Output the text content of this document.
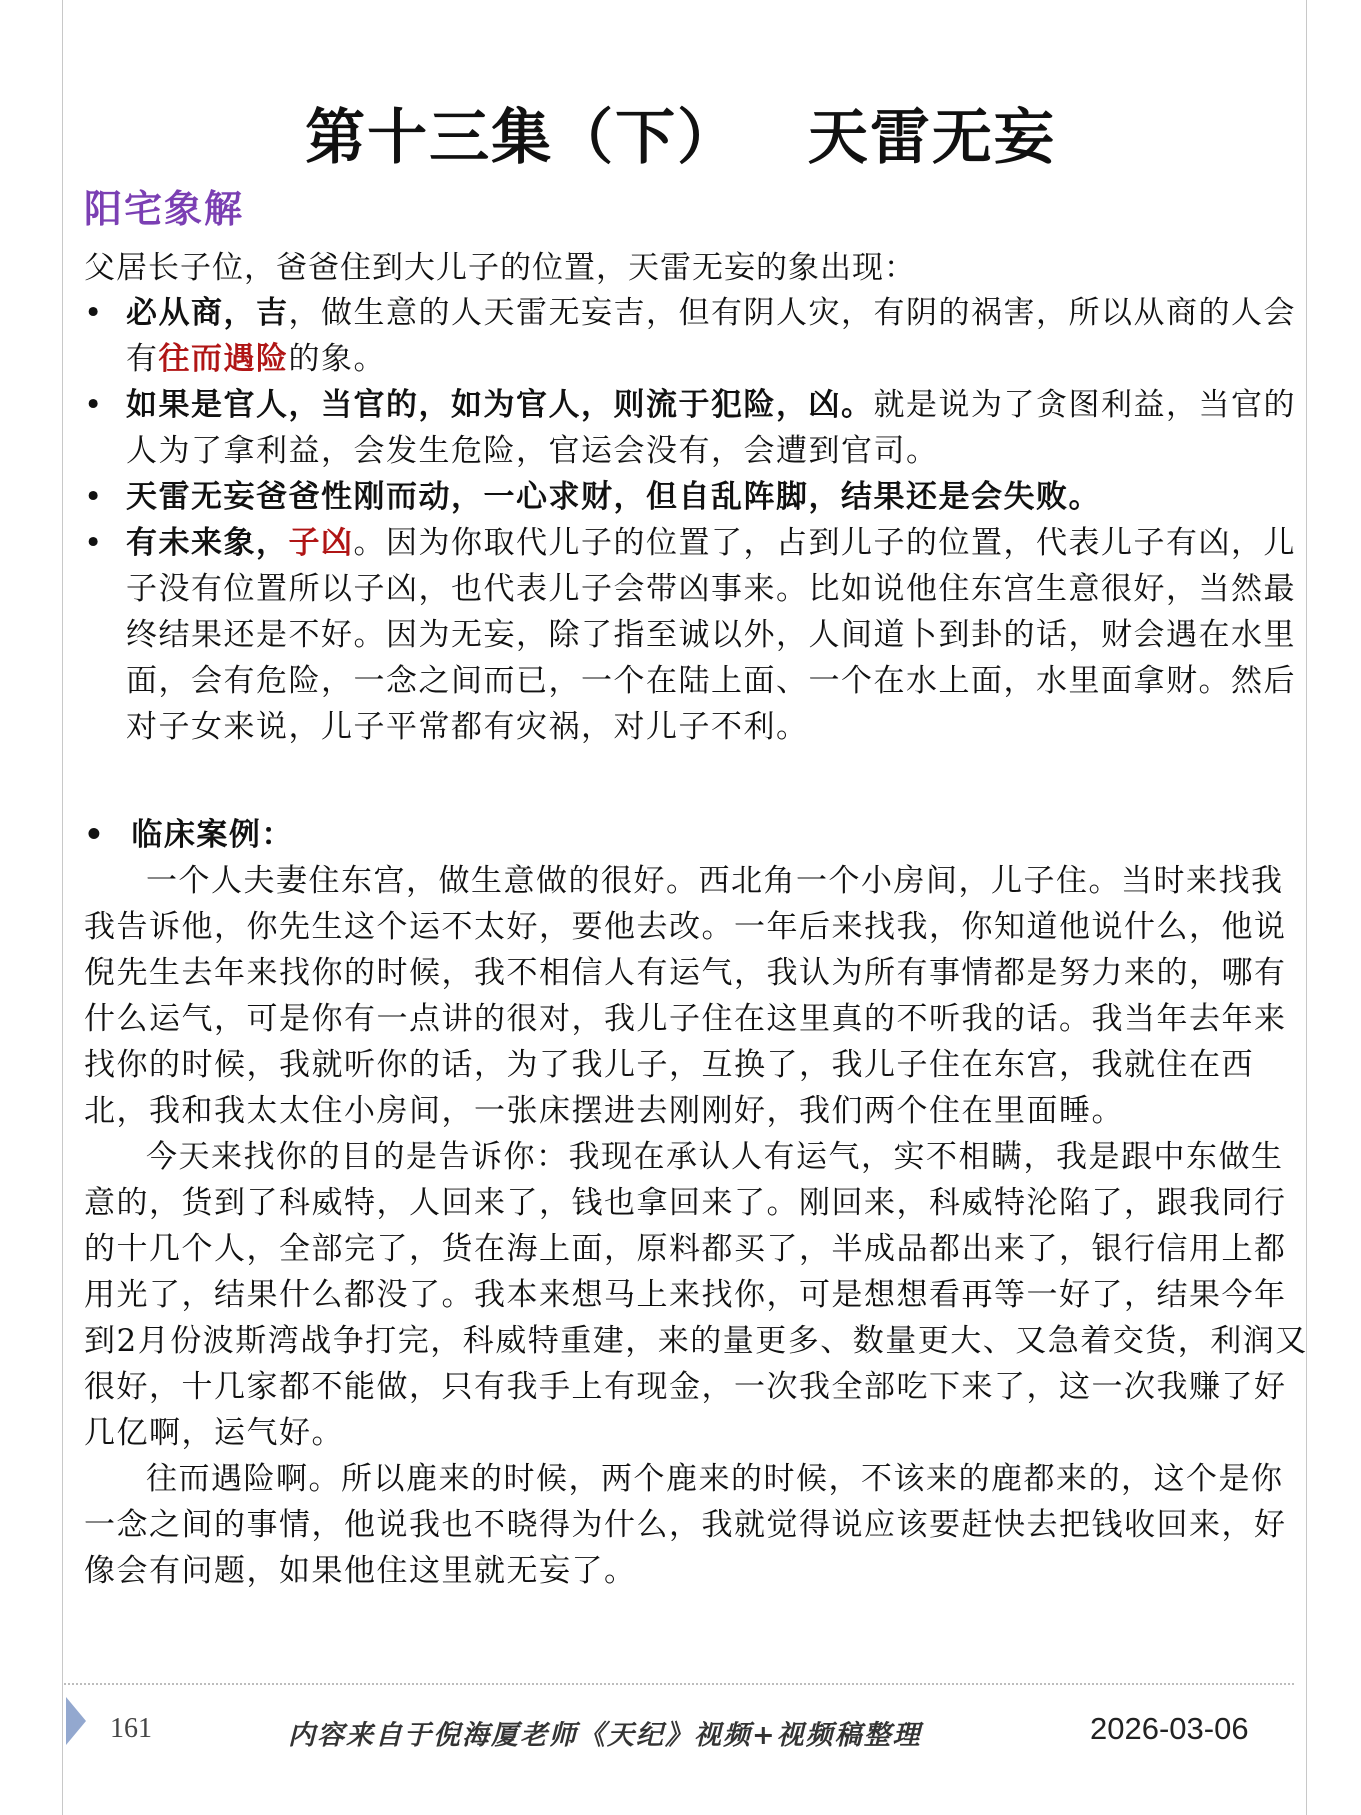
第十三集（下）   天雷无妄
阳宅象解
父居长子位，爸爸住到大儿子的位置，天雷无妄的象出现：
• 必从商，吉，做生意的人天雷无妄吉，但有阴人灾，有阴的祸害，所以从商的人会有往而遇险的象。
• 如果是官人，当官的，如为官人，则流于犯险，凶。就是说为了贪图利益，当官的人为了拿利益，会发生危险，官运会没有，会遭到官司。
• 天雷无妄爸爸性刚而动，一心求财，但自乱阵脚，结果还是会失败。
• 有未来象，子凶。因为你取代儿子的位置了，占到儿子的位置，代表儿子有凶，儿子没有位置所以子凶，也代表儿子会带凶事来。比如说他住东宫生意很好，当然最终结果还是不好。因为无妄，除了指至诚以外，人间道卜到卦的话，财会遇在水里面，会有危险，一念之间而已，一个在陆上面、一个在水上面，水里面拿财。然后对子女来说，儿子平常都有灾祸，对儿子不利。
• 临床案例：

一个人夫妻住东宫，做生意做的很好。西北角一个小房间，儿子住。当时来找我我告诉他，你先生这个运不太好，要他去改。一年后来找我，你知道他说什么，他说倪先生去年来找你的时候，我不相信人有运气，我认为所有事情都是努力来的，哪有什么运气，可是你有一点讲的很对，我儿子住在这里真的不听我的话。我当年去年来找你的时候，我就听你的话，为了我儿子，互换了，我儿子住在东宫，我就住在西北，我和我太太住小房间，一张床摆进去刚刚好，我们两个住在里面睡。

今天来找你的目的是告诉你：我现在承认人有运气，实不相瞒，我是跟中东做生意的，货到了科威特，人回来了，钱也拿回来了。刚回来，科威特沦陷了，跟我同行的十几个人，全部完了，货在海上面，原料都买了，半成品都出来了，银行信用上都用光了，结果什么都没了。我本来想马上来找你，可是想想看再等一好了，结果今年到2月份波斯湾战争打完，科威特重建，来的量更多、数量更大、又急着交货，利润又很好，十几家都不能做，只有我手上有现金，一次我全部吃下来了，这一次我赚了好几亿啊，运气好。

往而遇险啊。所以鹿来的时候，两个鹿来的时候，不该来的鹿都来的，这个是你一念之间的事情，他说我也不晓得为什么，我就觉得说应该要赶快去把钱收回来，好像会有问题，如果他住这里就无妄了。

161	内容来自于倪海厦老师《天纪》视频+视频稿整理	2026-03-06
